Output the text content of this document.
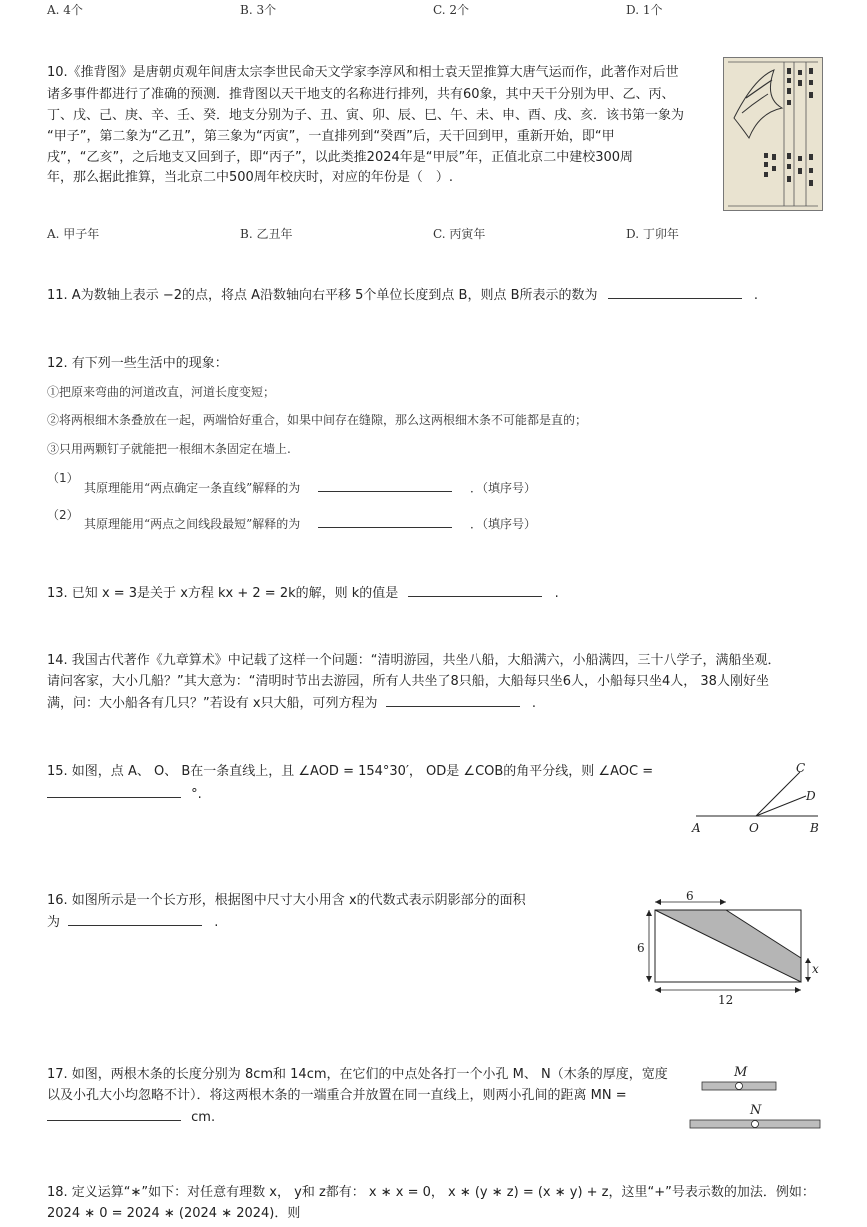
A. 4个	B. 3个	C. 2个	D. 1个
10.《推背图》是唐朝贞观年间唐太宗李世民命天文学家李淳风和相士袁天罡推算大唐气运而作，此著作对后世
诸多事件都进行了准确的预测．推背图以天干地支的名称进行排列，共有60象，其中天干分别为甲、乙、丙、
丁、戊、己、庚、辛、壬、癸．地支分别为子、丑、寅、卯、辰、巳、午、未、申、酉、戌、亥．该书第一象为
“甲子”，第二象为“乙丑”，第三象为“丙寅”，一直排列到“癸酉”后，天干回到甲，重新开始，即“甲
戌”，“乙亥”，之后地支又回到子，即“丙子”，以此类推2024年是“甲辰”年，正值北京二中建校300周
年，那么据此推算，当北京二中500周年校庆时，对应的年份是（　）.
A. 甲子年	B. 乙丑年	C. 丙寅年	D. 丁卯年
11. A为数轴上表示 −2的点，将点 A沿数轴向右平移 5个单位长度到点 B，则点 B所表示的数为	.
12. 有下列一些生活中的现象：
①把原来弯曲的河道改直，河道长度变短；
②将两根细木条叠放在一起，两端恰好重合，如果中间存在缝隙，那么这两根细木条不可能都是直的；
③只用两颗钉子就能把一根细木条固定在墙上.
（1）
其原理能用“两点确定一条直线”解释的为	．（填序号）
（2）
其原理能用“两点之间线段最短”解释的为	．（填序号）
13. 已知 x = 3是关于 x方程 kx + 2 = 2k的解，则 k的值是	.
14. 我国古代著作《九章算术》中记载了这样一个问题：“清明游园，共坐八船，大船满六，小船满四，三十八学子，满船坐观．
请问客家，大小几船？”其大意为：“清明时节出去游园，所有人共坐了8只船，大船每只坐6人，小船每只坐4人， 38人刚好坐
满，问：大小船各有几只？”若设有 x只大船，可列方程为	.
15. 如图，点 A、 O、 B在一条直线上，且 ∠AOD = 154°30′， OD是 ∠COB的角平分线，则 ∠AOC =
°.
A	O	B
C
D
16. 如图所示是一个长方形，根据图中尺寸大小用含 x的代数式表示阴影部分的面积
为	.
6
6
12
x
17. 如图，两根木条的长度分别为 8cm和 14cm，在它们的中点处各打一个小孔 M、 N（木条的厚度，宽度
以及小孔大小均忽略不计）．将这两根木条的一端重合并放置在同一直线上，则两小孔间的距离 MN =
cm.
M
N
18. 定义运算“∗”如下：对任意有理数 x， y和 z都有： x ∗ x = 0， x ∗ (y ∗ z) = (x ∗ y) + z，这里“+”号表示数的加法．例如：
2024 ∗ 0 = 2024 ∗ (2024 ∗ 2024)．则
